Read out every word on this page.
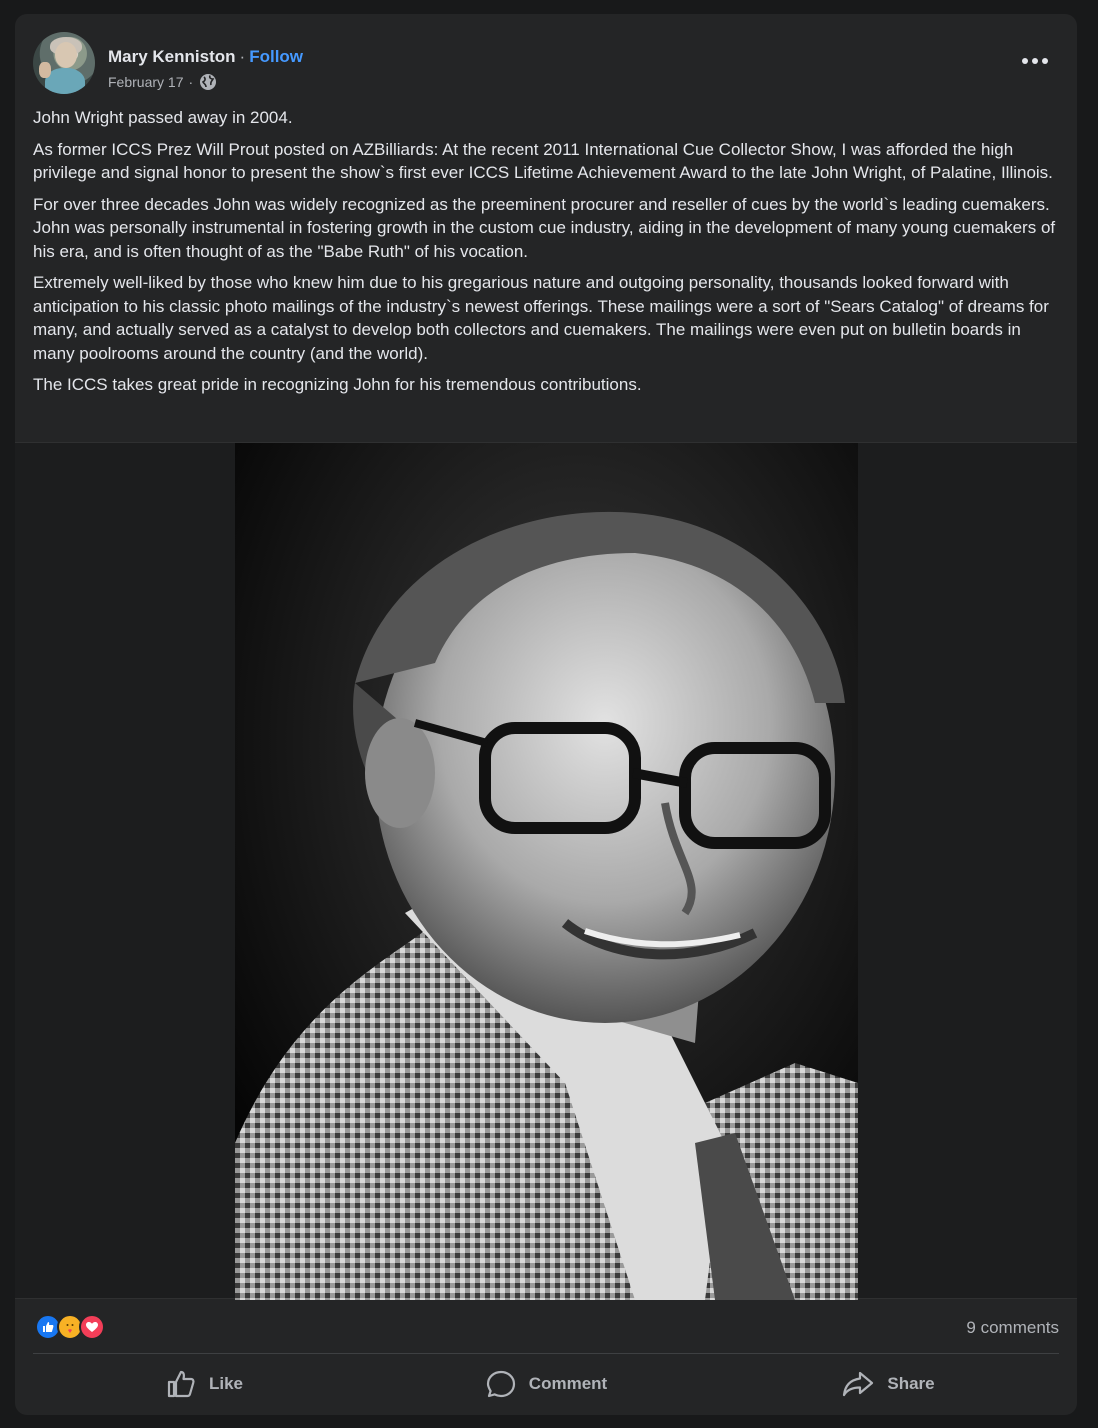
Mary Kenniston · Follow
February 17 ·

John Wright passed away in 2004.

As former ICCS Prez Will Prout posted on AZBilliards: At the recent 2011 International Cue Collector Show, I was afforded the high privilege and signal honor to present the show`s first ever ICCS Lifetime Achievement Award to the late John Wright, of Palatine, Illinois.

For over three decades John was widely recognized as the preeminent procurer and reseller of cues by the world`s leading cuemakers. John was personally instrumental in fostering growth in the custom cue industry, aiding in the development of many young cuemakers of his era, and is often thought of as the "Babe Ruth" of his vocation.

Extremely well-liked by those who knew him due to his gregarious nature and outgoing personality, thousands looked forward with anticipation to his classic photo mailings of the industry`s newest offerings. These mailings were a sort of "Sears Catalog" of dreams for many, and actually served as a catalyst to develop both collectors and cuemakers. The mailings were even put on bulletin boards in many poolrooms around the country (and the world).

The ICCS takes great pride in recognizing John for his tremendous contributions.

9 comments
Like	Comment	Share
